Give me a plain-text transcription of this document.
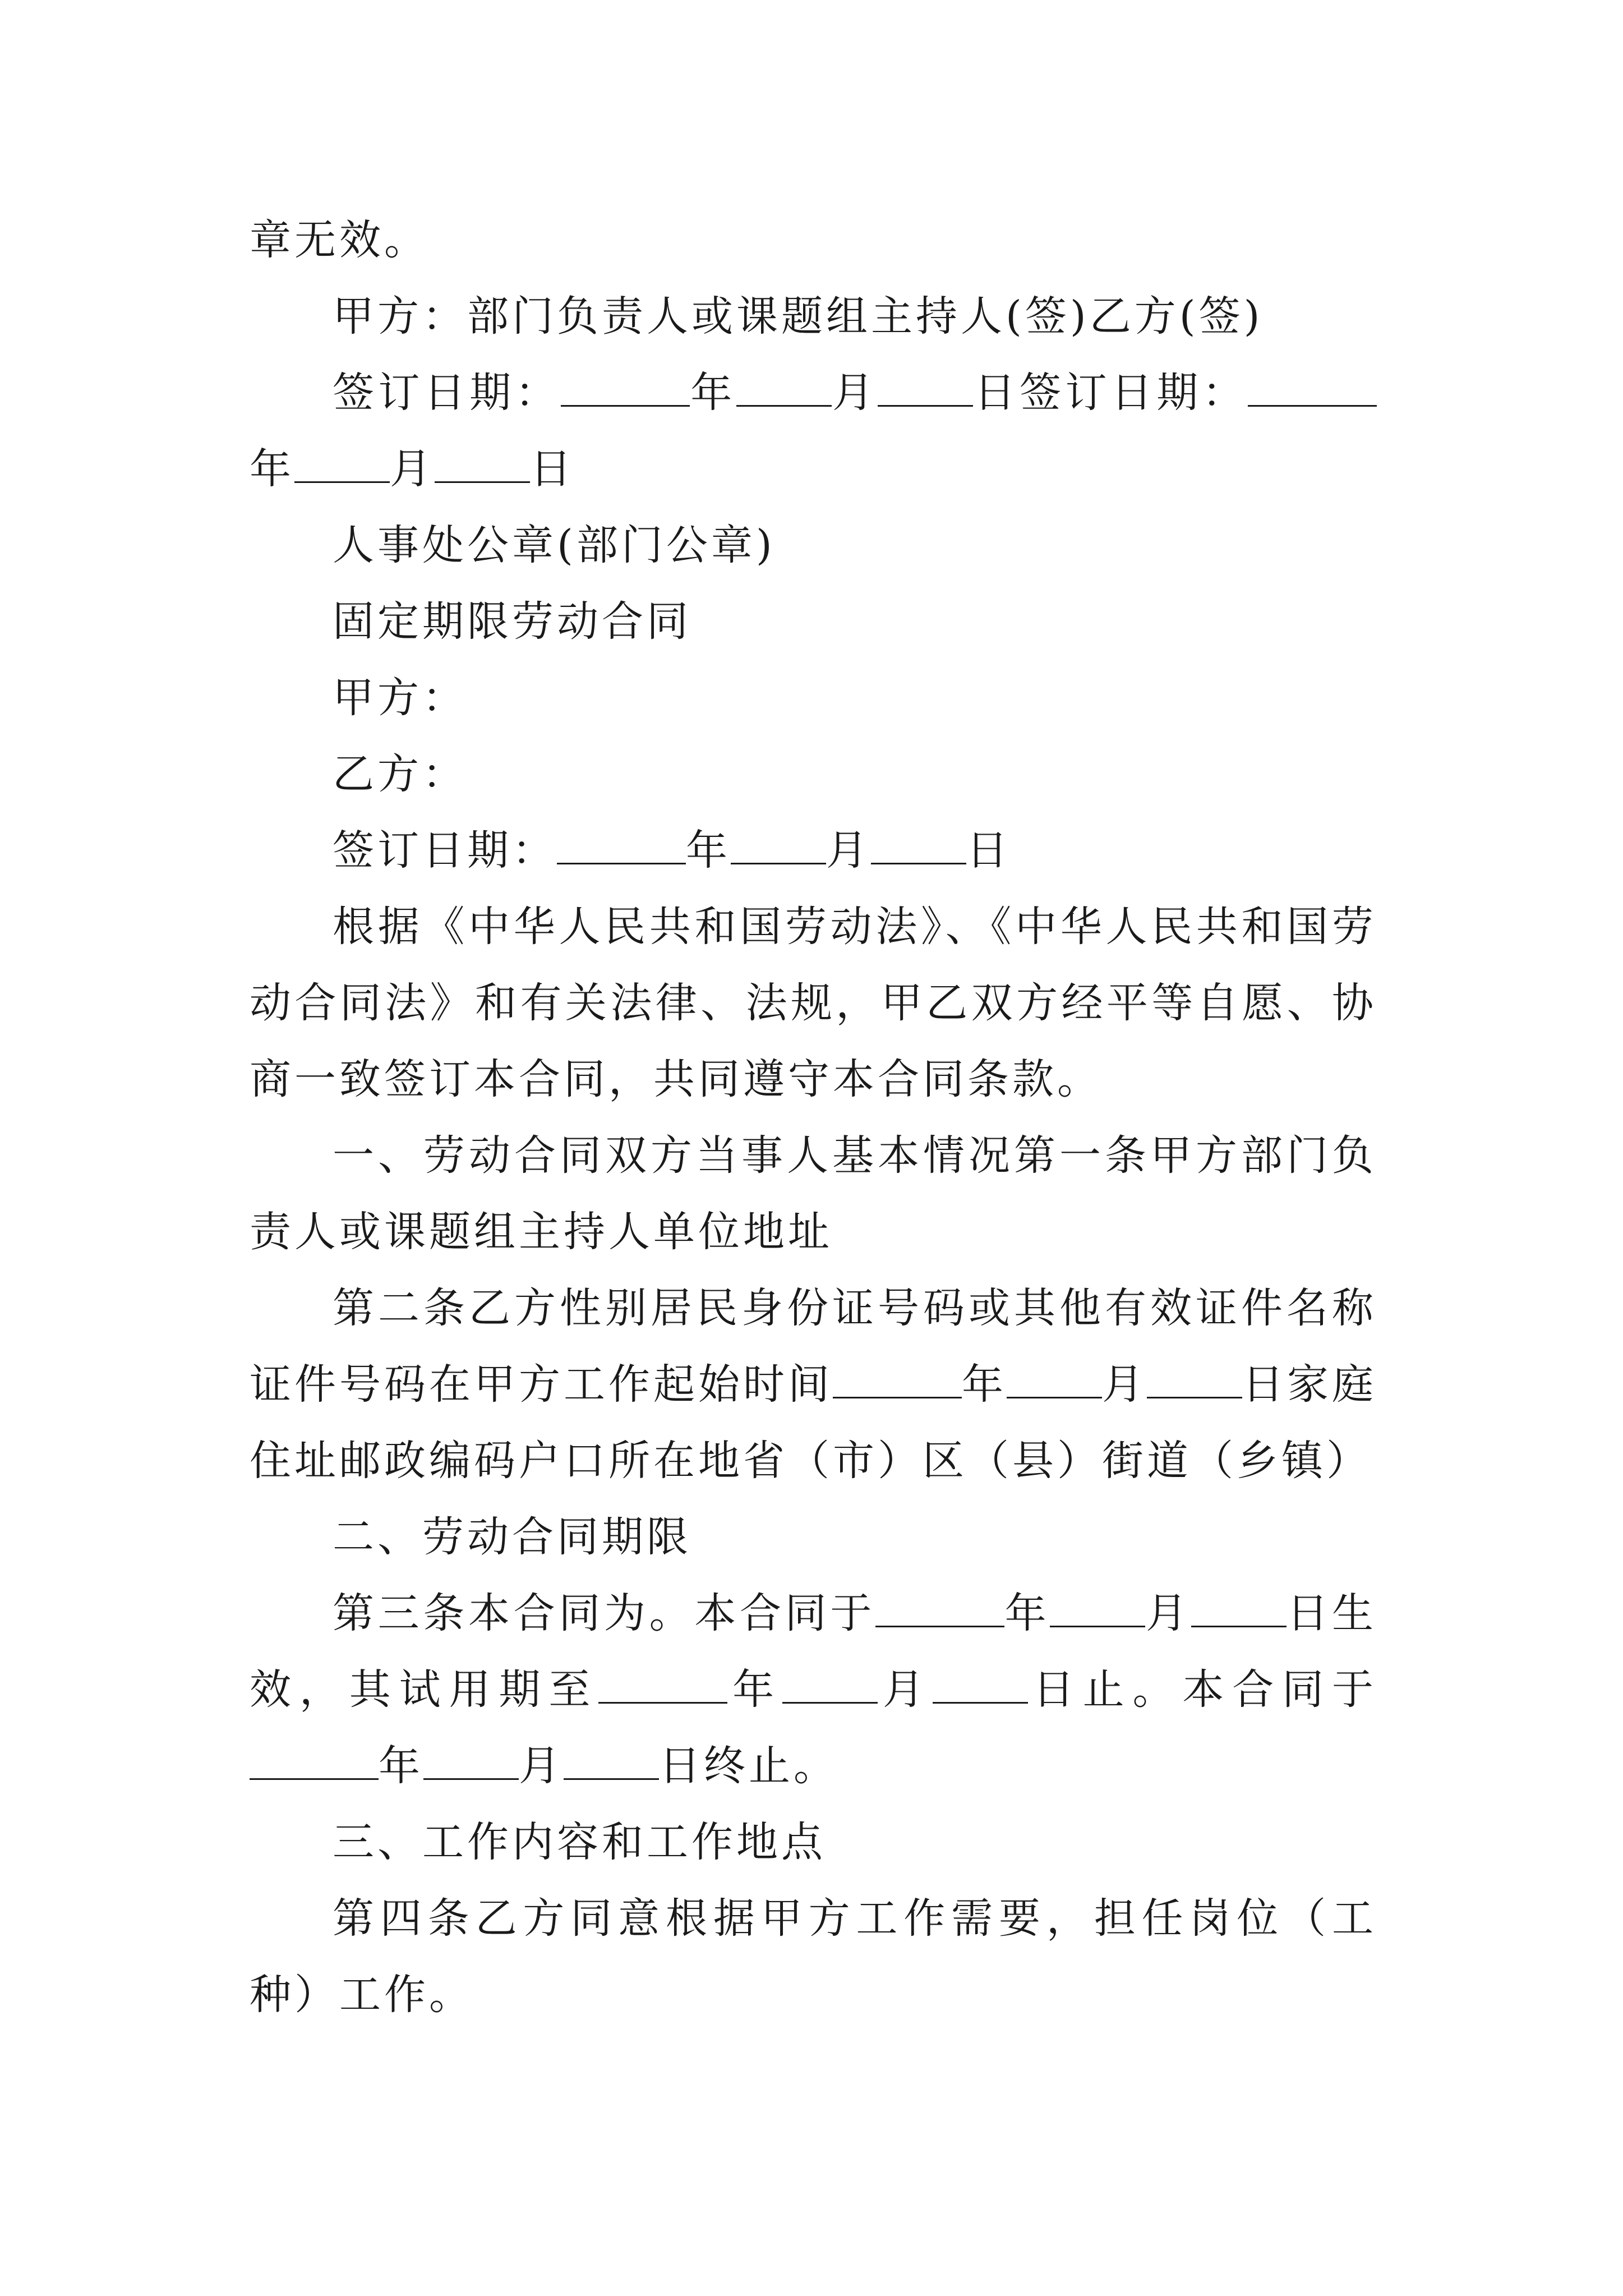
章无效。

甲方：部门负责人或课题组主持人(签)乙方(签)

签订日期：	年 月 日签订日期：年 月 日

人事处公章(部门公章)

固定期限劳动合同

甲方：

乙方：

签订日期：	年 月 日

根据《中华人民共和国劳动法》、《中华人民共和国劳动合同法》和有关法律、法规，甲乙双方经平等自愿、协商一致签订本合同，共同遵守本合同条款。

一、劳动合同双方当事人基本情况第一条甲方部门负责人或课题组主持人单位地址

第二条乙方性别居民身份证号码或其他有效证件名称证件号码在甲方工作起始时间	年 月 日家庭住址邮政编码户口所在地省（市）区（县）街道（乡镇）

二、劳动合同期限

第三条本合同为。本合同于	年 月 日生效，其试用期至	年 月 日止。本合同于年 月 日终止。

三、工作内容和工作地点

第四条乙方同意根据甲方工作需要，担任岗位（工种）工作。
